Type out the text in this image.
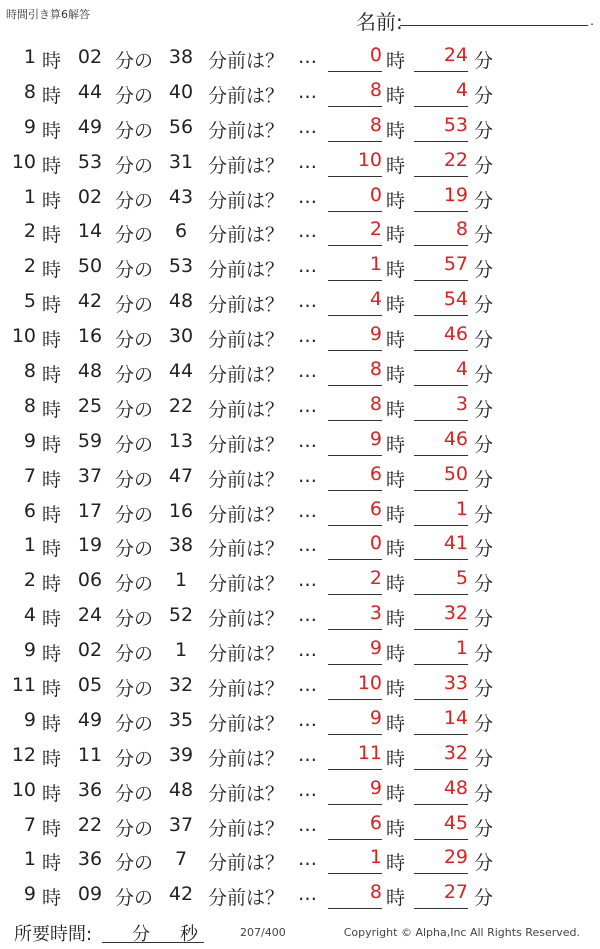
時間引き算6解答	名前:	.
1 時 02 分の 38 分前は？ …	0 時	24 分
8 時 44 分の 40 分前は？ …	8 時	4 分
9 時 49 分の 56 分前は？ …	8 時	53 分
10 時 53 分の 31 分前は？ …	10 時	22 分
1 時 02 分の 43 分前は？ …	0 時	19 分
2 時 14 分の	6	分前は？ …	2 時	8 分
2 時 50 分の 53 分前は？ …	1 時	57 分
5 時 42 分の 48 分前は？ …	4 時	54 分
10 時 16 分の 30 分前は？ …	9 時	46 分
8 時 48 分の 44 分前は？ …	8 時	4 分
8 時 25 分の 22 分前は？ …	8 時	3 分
9 時 59 分の 13 分前は？ …	9 時	46 分
7 時 37 分の 47 分前は？ …	6 時	50 分
6 時 17 分の 16 分前は？ …	6 時	1 分
1 時 19 分の 38 分前は？ …	0 時	41 分
2 時 06 分の	1	分前は？ …	2 時	5 分
4 時 24 分の 52 分前は？ …	3 時	32 分
9 時 02 分の	1	分前は？ …	9 時	1 分
11 時 05 分の 32 分前は？ …	10 時	33 分
9 時 49 分の 35 分前は？ …	9 時	14 分
12 時 11 分の 39 分前は？ …	11 時	32 分
10 時 36 分の 48 分前は？ …	9 時	48 分
7 時 22 分の 37 分前は？ …	6 時	45 分
1 時 36 分の	7	分前は？ …	1 時	29 分
9 時 09 分の 42 分前は？ …	8 時	27 分
所要時間: 分 秒	207/400	Copyright © Alpha,Inc All Rights Reserved.
